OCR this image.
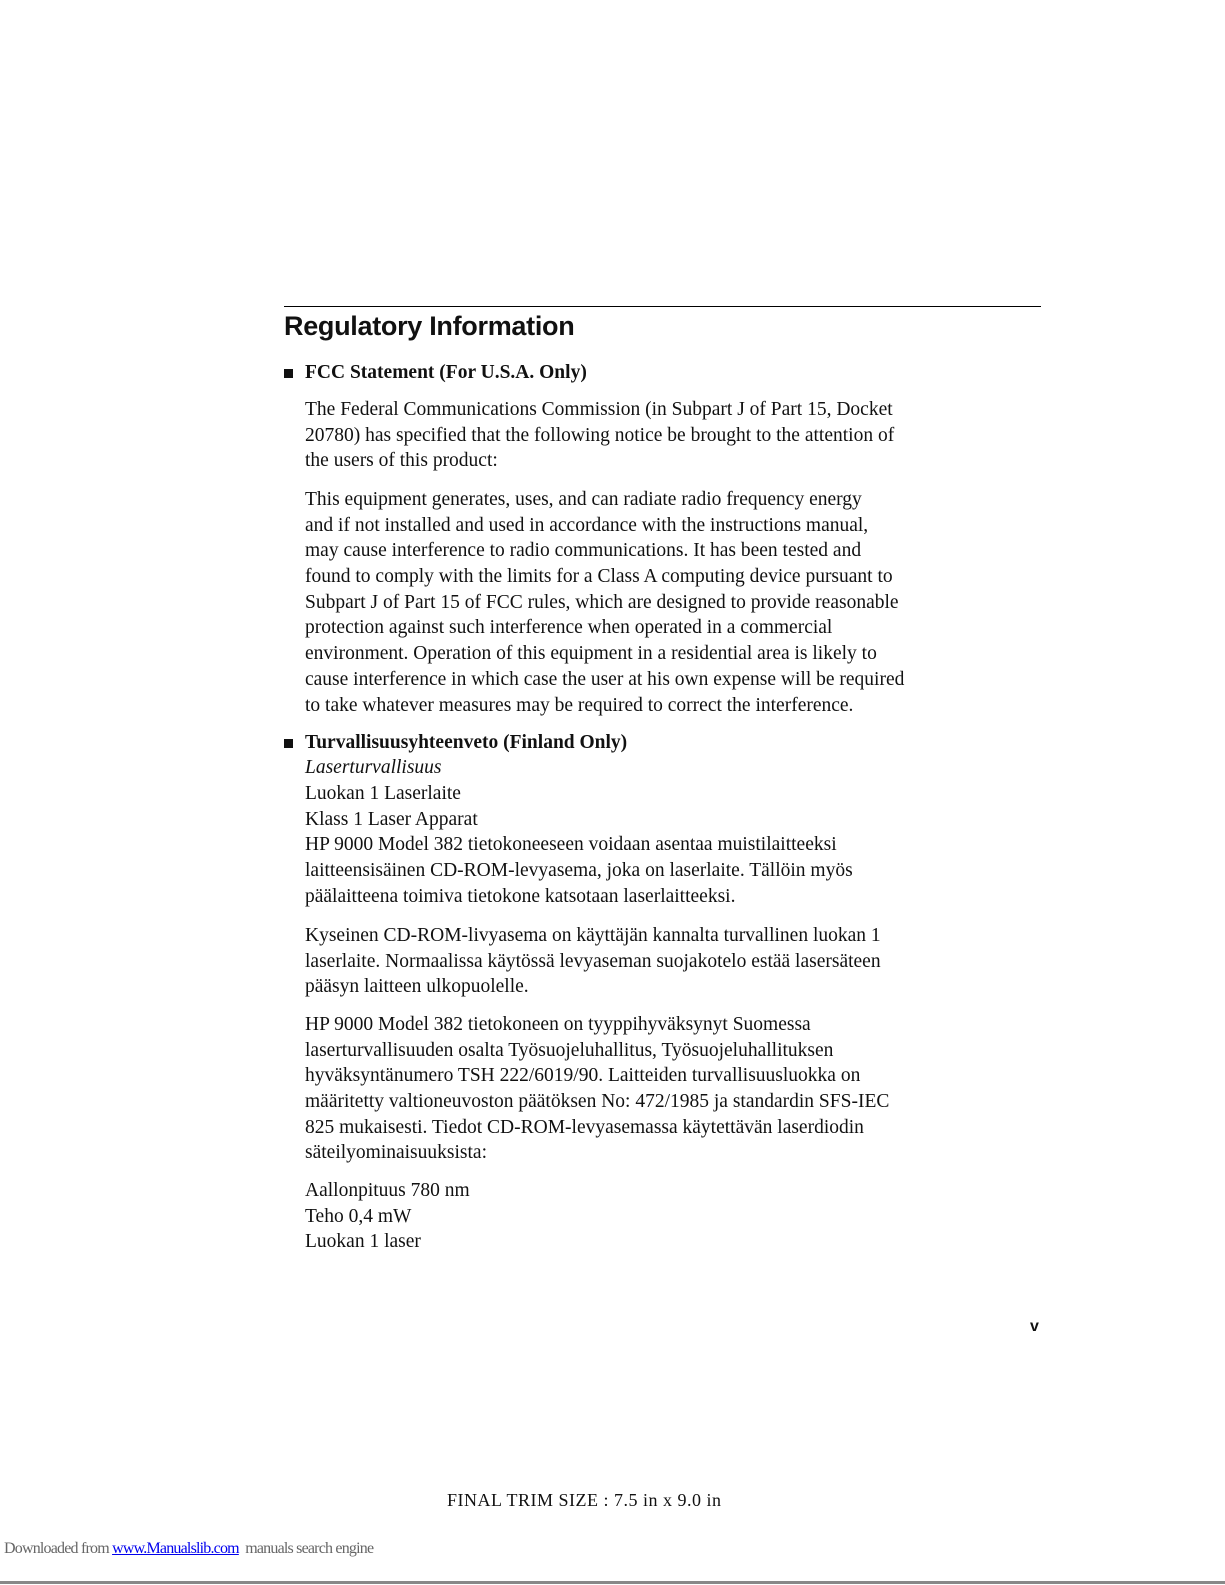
Regulatory Information
FCC Statement (For U.S.A. Only)
The Federal Communications Commission (in Subpart J of Part 15, Docket
20780) has specified that the following notice be brought to the attention of
the users of this product:
This equipment generates, uses, and can radiate radio frequency energy
and if not installed and used in accordance with the instructions manual,
may cause interference to radio communications. It has been tested and
found to comply with the limits for a Class A computing device pursuant to
Subpart J of Part 15 of FCC rules, which are designed to provide reasonable
protection against such interference when operated in a commercial
environment. Operation of this equipment in a residential area is likely to
cause interference in which case the user at his own expense will be required
to take whatever measures may be required to correct the interference.
Turvallisuusyhteenveto (Finland Only)
Laserturvallisuus
Luokan 1 Laserlaite
Klass 1 Laser Apparat
HP 9000 Model 382 tietokoneeseen voidaan asentaa muistilaitteeksi
laitteensisäinen CD-ROM-levyasema, joka on laserlaite. Tällöin myös
päälaitteena toimiva tietokone katsotaan laserlaitteeksi.
Kyseinen CD-ROM-livyasema on käyttäjän kannalta turvallinen luokan 1
laserlaite. Normaalissa käytössä levyaseman suojakotelo estää lasersäteen
pääsyn laitteen ulkopuolelle.
HP 9000 Model 382 tietokoneen on tyyppihyväksynyt Suomessa
laserturvallisuuden osalta Työsuojeluhallitus, Työsuojeluhallituksen
hyväksyntänumero TSH 222/6019/90. Laitteiden turvallisuusluokka on
määritetty valtioneuvoston päätöksen No: 472/1985 ja standardin SFS-IEC
825 mukaisesti. Tiedot CD-ROM-levyasemassa käytettävän laserdiodin
säteilyominaisuuksista:
Aallonpituus 780 nm
Teho 0,4 mW
Luokan 1 laser
v
FINAL TRIM SIZE : 7.5 in x 9.0 in
Downloaded from www.Manualslib.com  manuals search engine
